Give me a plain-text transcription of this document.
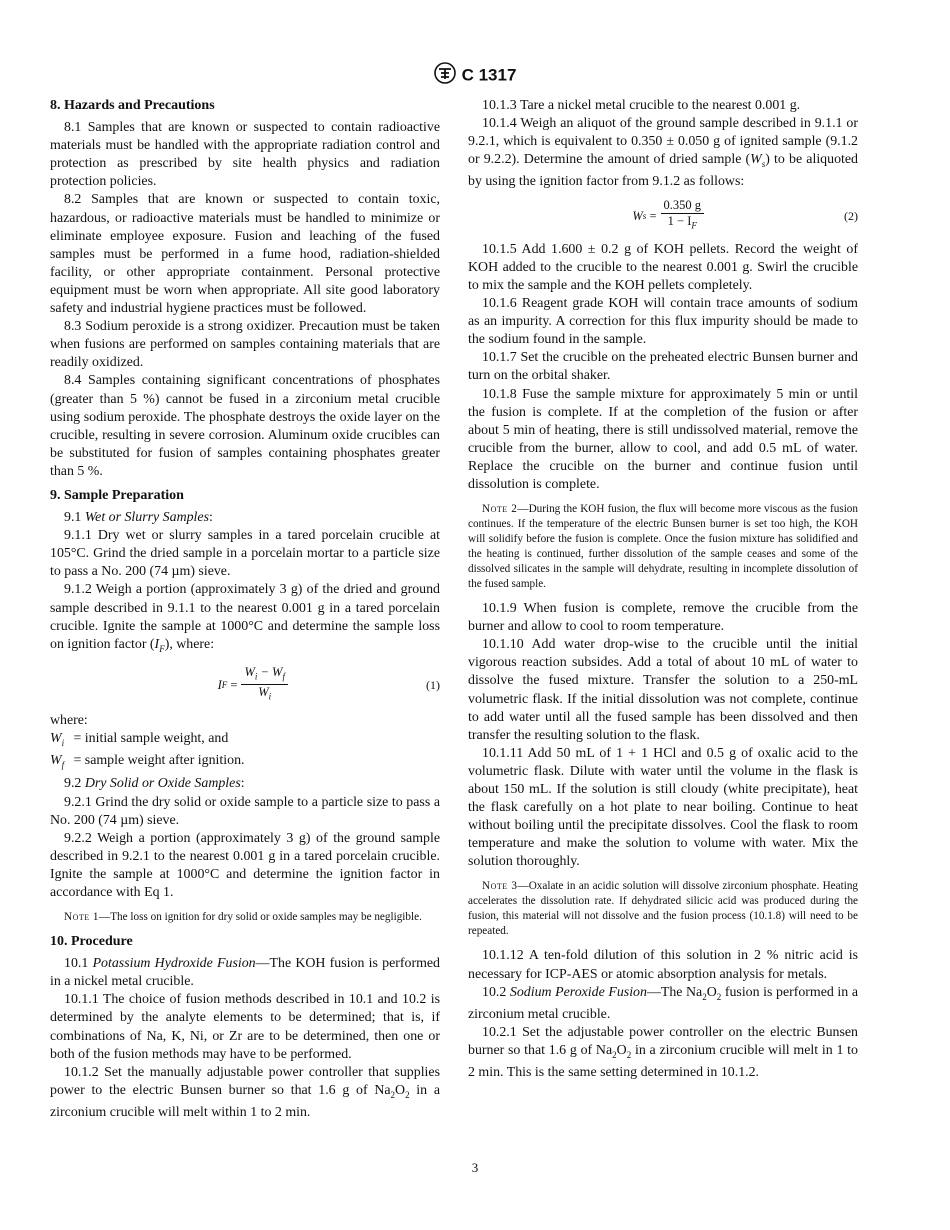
C 1317
8. Hazards and Precautions

8.1 Samples that are known or suspected to contain radioactive materials must be handled with the appropriate radiation control and protection as prescribed by site health physics and radiation protection policies.

8.2 Samples that are known or suspected to contain toxic, hazardous, or radioactive materials must be handled to minimize or eliminate employee exposure. Fusion and leaching of the fused samples must be performed in a fume hood, radiation-shielded facility, or other appropriate containment. Personal protective equipment must be worn when appropriate. All site good laboratory safety and industrial hygiene practices must be followed.

8.3 Sodium peroxide is a strong oxidizer. Precaution must be taken when fusions are performed on samples containing materials that are readily oxidized.

8.4 Samples containing significant concentrations of phosphates (greater than 5 %) cannot be fused in a zirconium metal crucible using sodium peroxide. The phosphate destroys the oxide layer on the crucible, resulting in severe corrosion. Aluminum oxide crucibles can be substituted for fusion of samples containing phosphates greater than 5 %.

9. Sample Preparation

9.1 Wet or Slurry Samples:

9.1.1 Dry wet or slurry samples in a tared porcelain crucible at 105°C. Grind the dried sample in a porcelain mortar to a particle size to pass a No. 200 (74 µm) sieve.

9.1.2 Weigh a portion (approximately 3 g) of the dried and ground sample described in 9.1.1 to the nearest 0.001 g in a tared porcelain crucible. Ignite the sample at 1000°C and determine the sample loss on ignition factor $(I_F)$, where:

I $F = \frac{W_i - W_f}{W_i}$	(1)
where:
$W_i$ = initial sample weight, and
$W_f$ = sample weight after ignition.

9.2 Dry Solid or Oxide Samples:

9.2.1 Grind the dry solid or oxide sample to a particle size to pass a No. 200 (74 µm) sieve.

9.2.2 Weigh a portion (approximately 3 g) of the ground sample described in 9.2.1 to the nearest 0.001 g in a tared porcelain crucible. Ignite the sample at 1000°C and determine the ignition factor in accordance with Eq 1.

Note 1—The loss on ignition for dry solid or oxide samples may be negligible.
10. Procedure

10.1 Potassium Hydroxide Fusion—The KOH fusion is performed in a nickel metal crucible.

10.1.1 The choice of fusion methods described in 10.1 and 10.2 is determined by the analyte elements to be determined; that is, if combinations of Na, K, Ni, or Zr are to be determined, then one or both of the fusion methods may have to be performed.

10.1.2 Set the manually adjustable power controller that supplies power to the electric Bunsen burner so that 1.6 g of $Na_2O_2$ in a zirconium crucible will melt within 1 to 2 min.

10.1.3 Tare a nickel metal crucible to the nearest 0.001 g.

10.1.4 Weigh an aliquot of the ground sample described in 9.1.1 or 9.2.1, which is equivalent to 0.350 ± 0.050 g of ignited sample (9.1.2 or 9.2.2). Determine the amount of dried sample $(W_s)$ to be aliquoted by using the ignition factor from 9.1.2 as follows:

W $s = \frac{0.350 g}{1 - I_F}$	(2)

10.1.5 Add 1.600 ± 0.2 g of KOH pellets. Record the weight of KOH added to the crucible to the nearest 0.001 g. Swirl the crucible to mix the sample and the KOH pellets completely.

10.1.6 Reagent grade KOH will contain trace amounts of sodium as an impurity. A correction for this flux impurity should be made to the sodium found in the sample.

10.1.7 Set the crucible on the preheated electric Bunsen burner and turn on the orbital shaker.

10.1.8 Fuse the sample mixture for approximately 5 min or until the fusion is complete. If at the completion of the fusion or after about 5 min of heating, there is still undissolved material, remove the crucible from the burner, allow to cool, and add 0.5 mL of water. Replace the crucible on the burner and continue fusion until dissolution is complete.

Note 2—During the KOH fusion, the flux will become more viscous as the fusion continues. If the temperature of the electric Bunsen burner is set too high, the KOH will solidify before the fusion is complete. Once the fusion mixture has solidified and the heating is continued, further dissolution of the sample ceases and some of the dissolved silicates in the sample will dehydrate, resulting in incomplete dissolution of the fused sample.

10.1.9 When fusion is complete, remove the crucible from the burner and allow to cool to room temperature.

10.1.10 Add water drop-wise to the crucible until the initial vigorous reaction subsides. Add a total of about 10 mL of water to dissolve the fused mixture. Transfer the solution to a 250-mL volumetric flask. If the initial dissolution was not complete, continue to add water until all the fused sample has been dissolved and then transfer the resulting solution to the flask.

10.1.11 Add 50 mL of 1 + 1 HCl and 0.5 g of oxalic acid to the volumetric flask. Dilute with water until the volume in the flask is about 150 mL. If the solution is still cloudy (white precipitate), heat the flask carefully on a hot plate to near boiling. Continue to heat without boiling until the precipitate dissolves. Cool the flask to room temperature and make the solution to volume with water. Mix the solution thoroughly.

Note 3—Oxalate in an acidic solution will dissolve zirconium phosphate. Heating accelerates the dissolution rate. If dehydrated silicic acid was produced during the fusion, this material will not dissolve and the fusion process (10.1.8) will need to be repeated.

10.1.12 A ten-fold dilution of this solution in 2 % nitric acid is necessary for ICP-AES or atomic absorption analysis for metals.

10.2 Sodium Peroxide Fusion—The $Na_2O_2$ fusion is performed in a zirconium metal crucible.

10.2.1 Set the adjustable power controller on the electric Bunsen burner so that 1.6 g of $Na_2O_2$ in a zirconium crucible will melt in 1 to 2 min. This is the same setting determined in 10.1.2.

3
